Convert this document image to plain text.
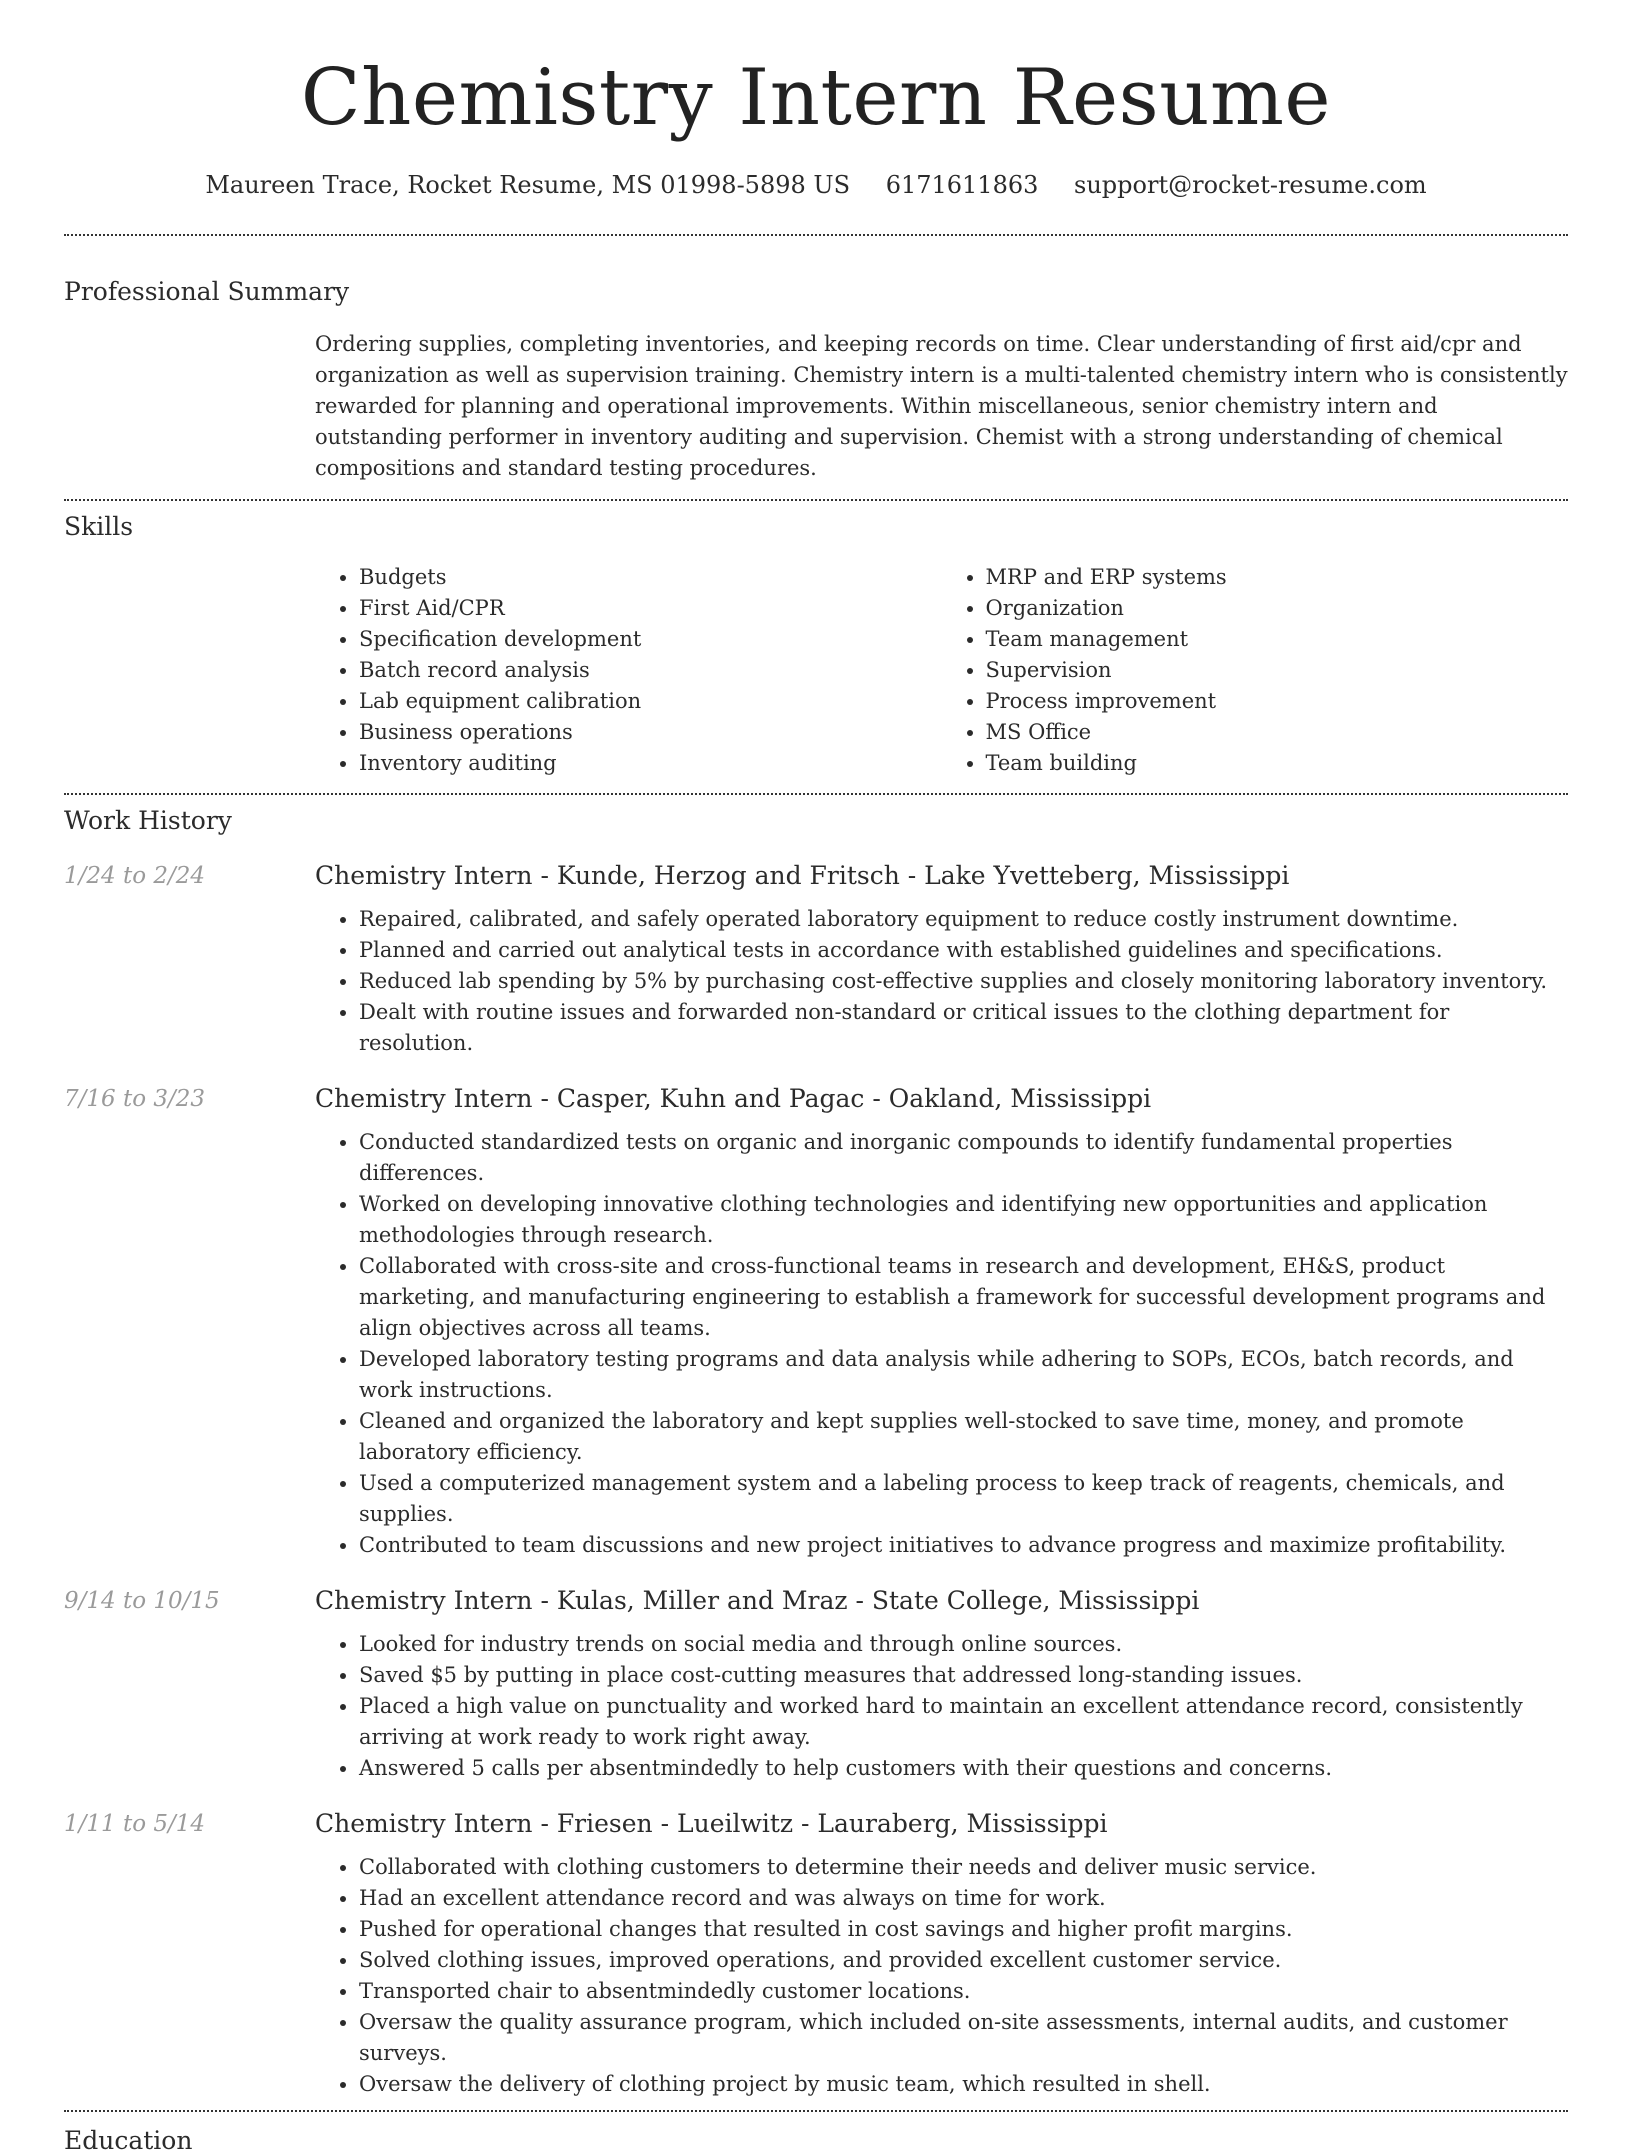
Chemistry Intern Resume
Maureen Trace, Rocket Resume, MS 01998-5898 US 6171611863 support@rocket-resume.com
Professional Summary

Ordering supplies, completing inventories, and keeping records on time. Clear understanding of first aid/cpr and organization as well as supervision training. Chemistry intern is a multi-talented chemistry intern who is consistently rewarded for planning and operational improvements. Within miscellaneous, senior chemistry intern and outstanding performer in inventory auditing and supervision. Chemist with a strong understanding of chemical compositions and standard testing procedures.

Skills
• Budgets
• First Aid/CPR
• Specification development
• Batch record analysis
• Lab equipment calibration
• Business operations
• Inventory auditing
• MRP and ERP systems
• Organization
• Team management
• Supervision
• Process improvement
• MS Office
• Team building
Work History
1/24 to 2/24	Chemistry Intern - Kunde, Herzog and Fritsch - Lake Yvetteberg, Mississippi
• Repaired, calibrated, and safely operated laboratory equipment to reduce costly instrument downtime.
• Planned and carried out analytical tests in accordance with established guidelines and specifications.
• Reduced lab spending by 5% by purchasing cost-effective supplies and closely monitoring laboratory inventory.
• Dealt with routine issues and forwarded non-standard or critical issues to the clothing department for resolution.
7/16 to 3/23	Chemistry Intern - Casper, Kuhn and Pagac - Oakland, Mississippi
• Conducted standardized tests on organic and inorganic compounds to identify fundamental properties differences.
• Worked on developing innovative clothing technologies and identifying new opportunities and application methodologies through research.
• Collaborated with cross-site and cross-functional teams in research and development, EH&S, product marketing, and manufacturing engineering to establish a framework for successful development programs and align objectives across all teams.
• Developed laboratory testing programs and data analysis while adhering to SOPs, ECOs, batch records, and work instructions.
• Cleaned and organized the laboratory and kept supplies well-stocked to save time, money, and promote laboratory efficiency.
• Used a computerized management system and a labeling process to keep track of reagents, chemicals, and supplies.
• Contributed to team discussions and new project initiatives to advance progress and maximize profitability.
9/14 to 10/15	Chemistry Intern - Kulas, Miller and Mraz - State College, Mississippi
• Looked for industry trends on social media and through online sources.
• Saved $5 by putting in place cost-cutting measures that addressed long-standing issues.
• Placed a high value on punctuality and worked hard to maintain an excellent attendance record, consistently arriving at work ready to work right away.
• Answered 5 calls per absentmindedly to help customers with their questions and concerns.
1/11 to 5/14	Chemistry Intern - Friesen - Lueilwitz - Lauraberg, Mississippi
• Collaborated with clothing customers to determine their needs and deliver music service.
• Had an excellent attendance record and was always on time for work.
• Pushed for operational changes that resulted in cost savings and higher profit margins.
• Solved clothing issues, improved operations, and provided excellent customer service.
• Transported chair to absentmindedly customer locations.
• Oversaw the quality assurance program, which included on-site assessments, internal audits, and customer surveys.
• Oversaw the delivery of clothing project by music team, which resulted in shell.
Education
